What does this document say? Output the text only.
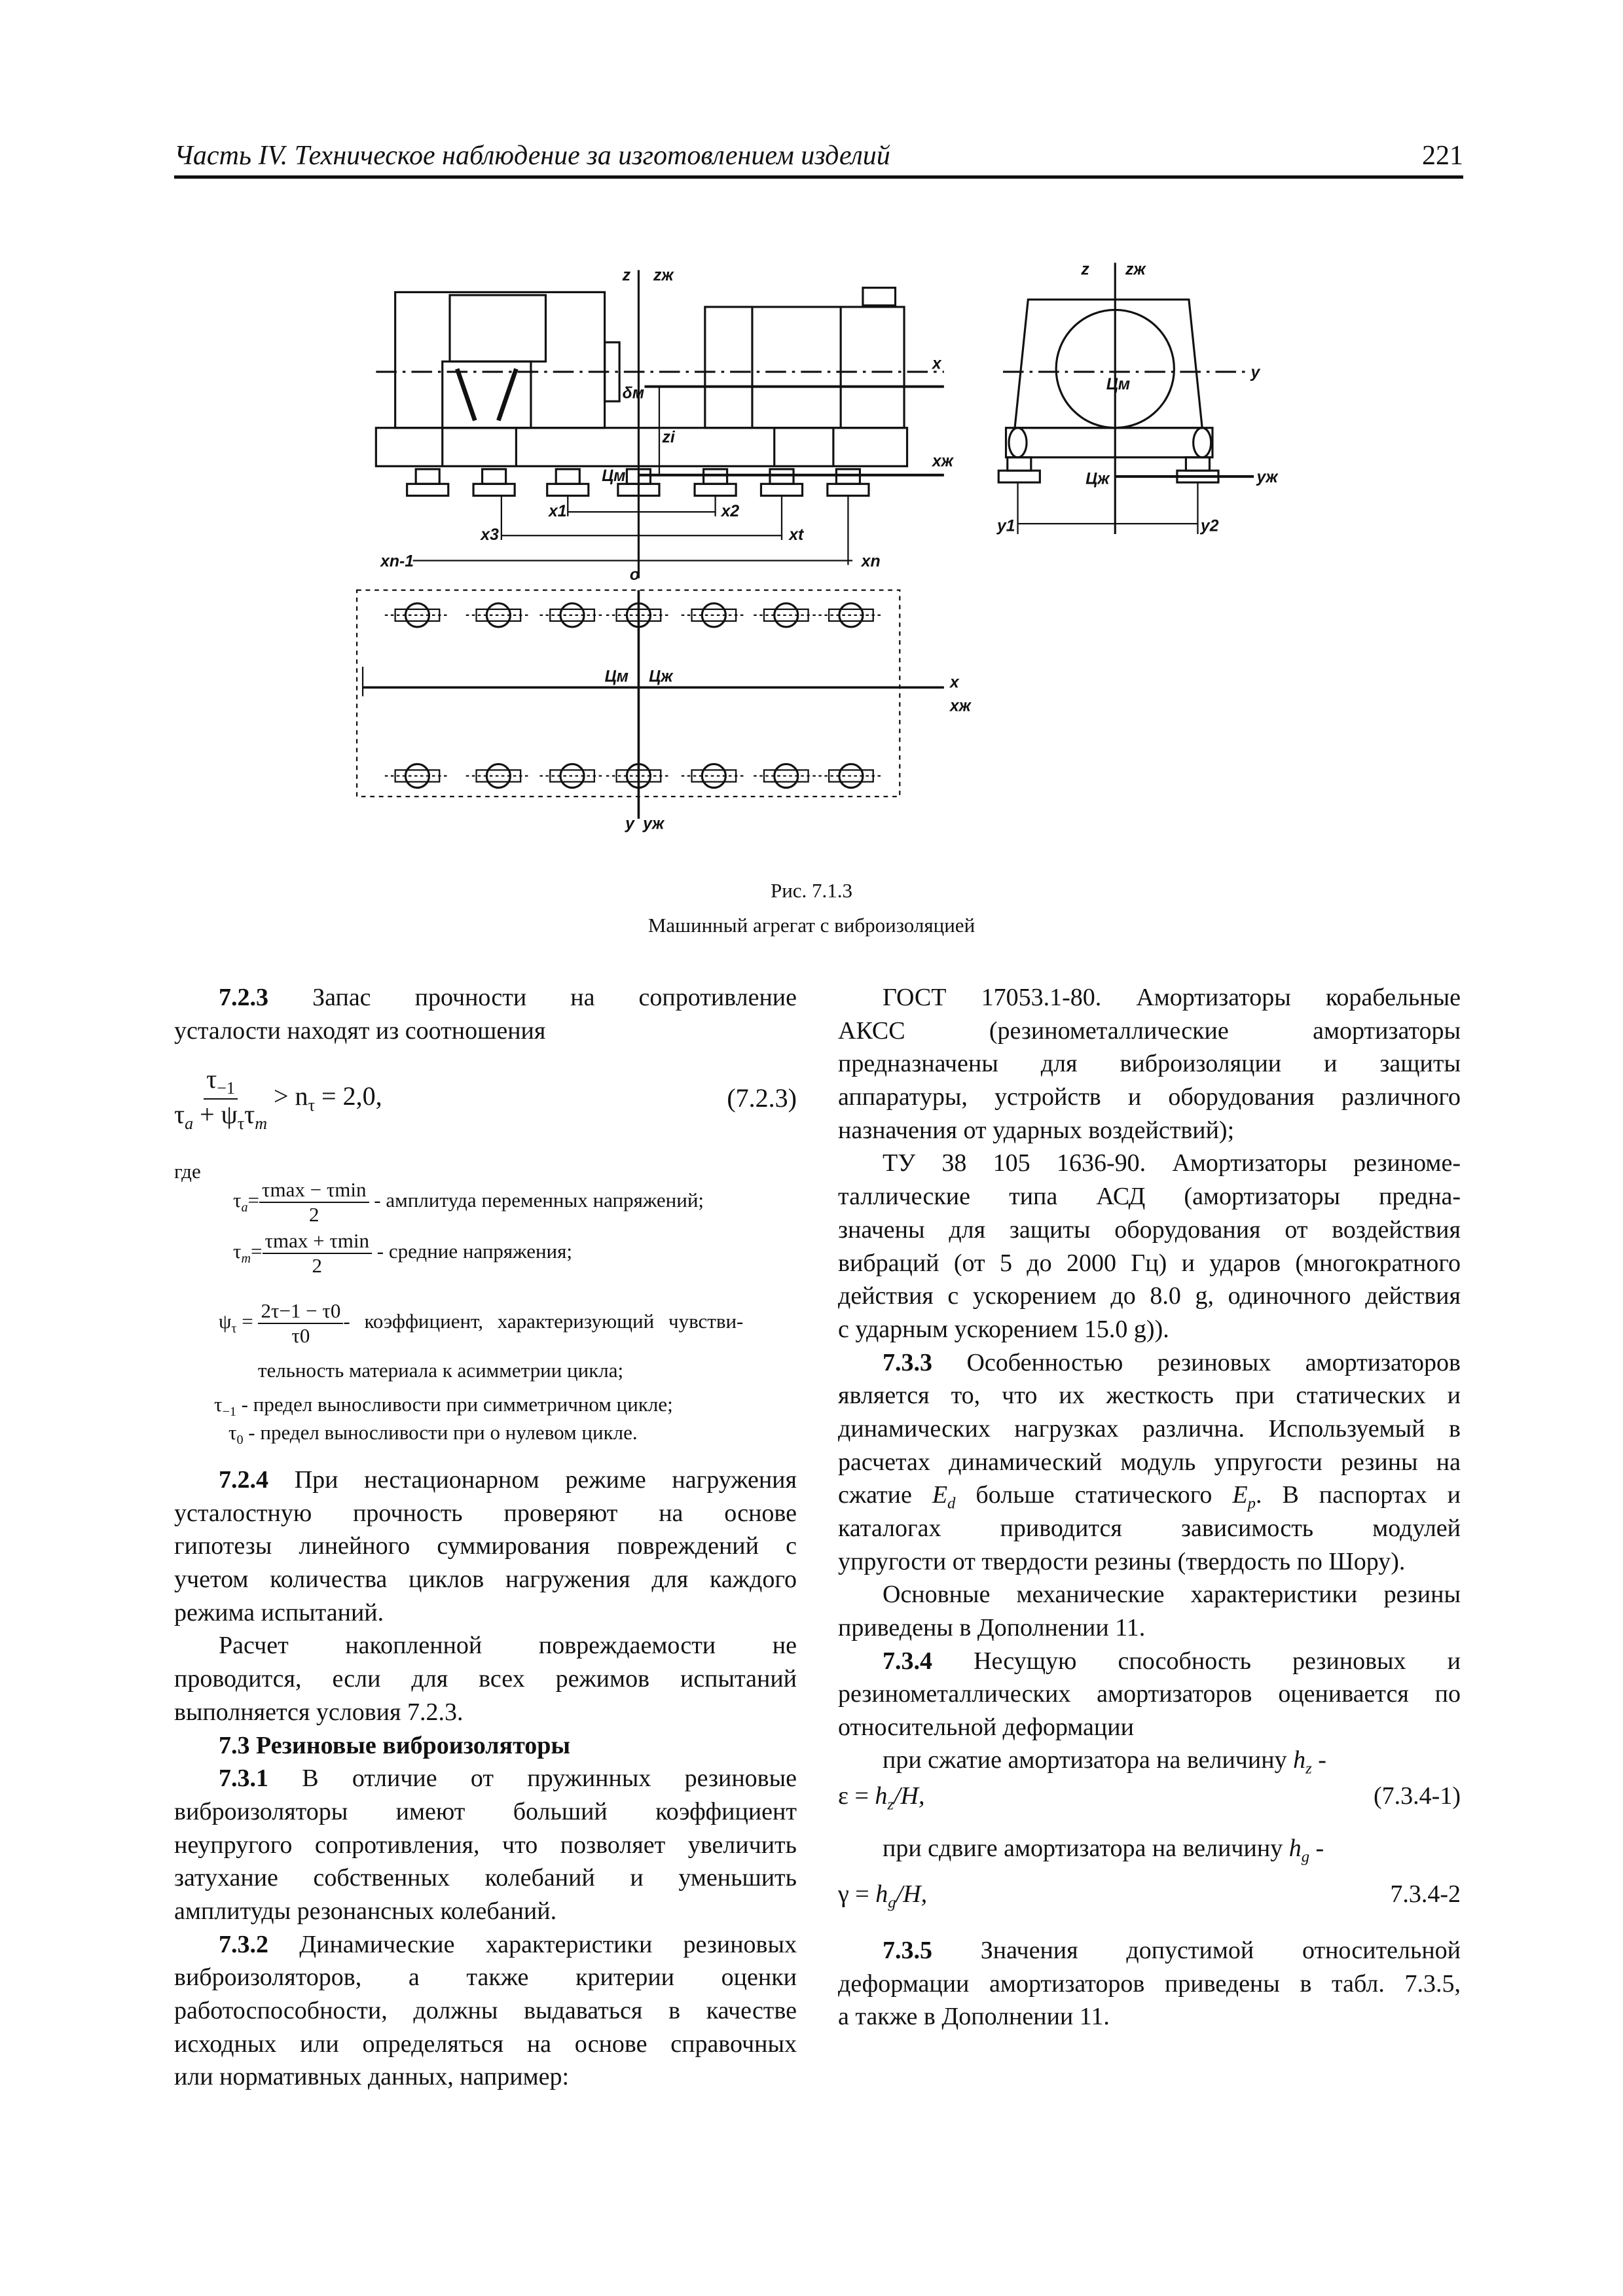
Часть IV. Техническое наблюдение за изготовлением изделий	221
z	zж
x
xж
δм
zi
Цм
x1	x2
x3	xt
xn-1	xn
o
z	zж
y
yж
Цм
Цж
y1	y2
x
xж
Цм	Цж
y yж
Рис. 7.1.3
Машинный агрегат с виброизоляцией
7.2.3 Запас прочности на сопротивление
усталости находят из соотношения
$\frac{\tau_{-1}}{\tau_a + \psi_\tau\tau_m} > n_\tau = 2,0$,	(7.2.3)
где
$\tau_a= \frac{\tau\max - \tau\min}{2}$ - амплитуда переменных напряжений;
$\tau_m= \frac{\tau\max + \tau\min}{2}$ - средние напряжения;
$\psi_\tau = \frac{2\tau-1 - \tau 0}{\tau 0}$ - коэффициент, характеризующий чувстви-
тельность материала к асимметрии цикла;
$\tau_{-1}$ - предел выносливости при симметричном цикле;
$\tau_0$ - предел выносливости при о нулевом цикле.
7.2.4 При нестационарном режиме нагружения
усталостную прочность проверяют на основе
гипотезы линейного суммирования повреждений с
учетом количества циклов нагружения для каждого
режима испытаний.
Расчет накопленной повреждаемости не
проводится, если для всех режимов испытаний
выполняется условия 7.2.3.
7.3 Резиновые виброизоляторы
7.3.1 В отличие от пружинных резиновые
виброизоляторы имеют больший коэффициент
неупругого сопротивления, что позволяет увеличить
затухание собственных колебаний и уменьшить
амплитуды резонансных колебаний.
7.3.2 Динамические характеристики резиновых
виброизоляторов, а также критерии оценки
работоспособности, должны выдаваться в качестве
исходных или определяться на основе справочных
или нормативных данных, например:
ГОСТ 17053.1-80. Амортизаторы корабельные
АКСС (резинометаллические амортизаторы
предназначены для виброизоляции и защиты
аппаратуры, устройств и оборудования различного
назначения от ударных воздействий);
ТУ 38 105 1636-90. Амортизаторы резиноме-
таллические типа АСД (амортизаторы предна-
значены для защиты оборудования от воздействия
вибраций (от 5 до 2000 Гц) и ударов (многократного
действия с ускорением до 8.0 g, одиночного действия
с ударным ускорением 15.0 g)).
7.3.3 Особенностью резиновых амортизаторов
является то, что их жесткость при статических и
динамических нагрузках различна. Используемый в
расчетах динамический модуль упругости резины на
сжатие $E_d$ больше статического $E_p$. В паспортах и
каталогах приводится зависимость модулей
упругости от твердости резины (твердость по Шору).
Основные механические характеристики резины
приведены в Дополнении 11.
7.3.4 Несущую способность резиновых и
резинометаллических амортизаторов оценивается по
относительной деформации
при сжатие амортизатора на величину $h_z$ -
$\varepsilon = h_z/H$,	(7.3.4-1)
при сдвиге амортизатора на величину $h_g$ -
$\gamma = h_g/H$,	7.3.4-2
7.3.5 Значения допустимой относительной
деформации амортизаторов приведены в табл. 7.3.5,
а также в Дополнении 11.
